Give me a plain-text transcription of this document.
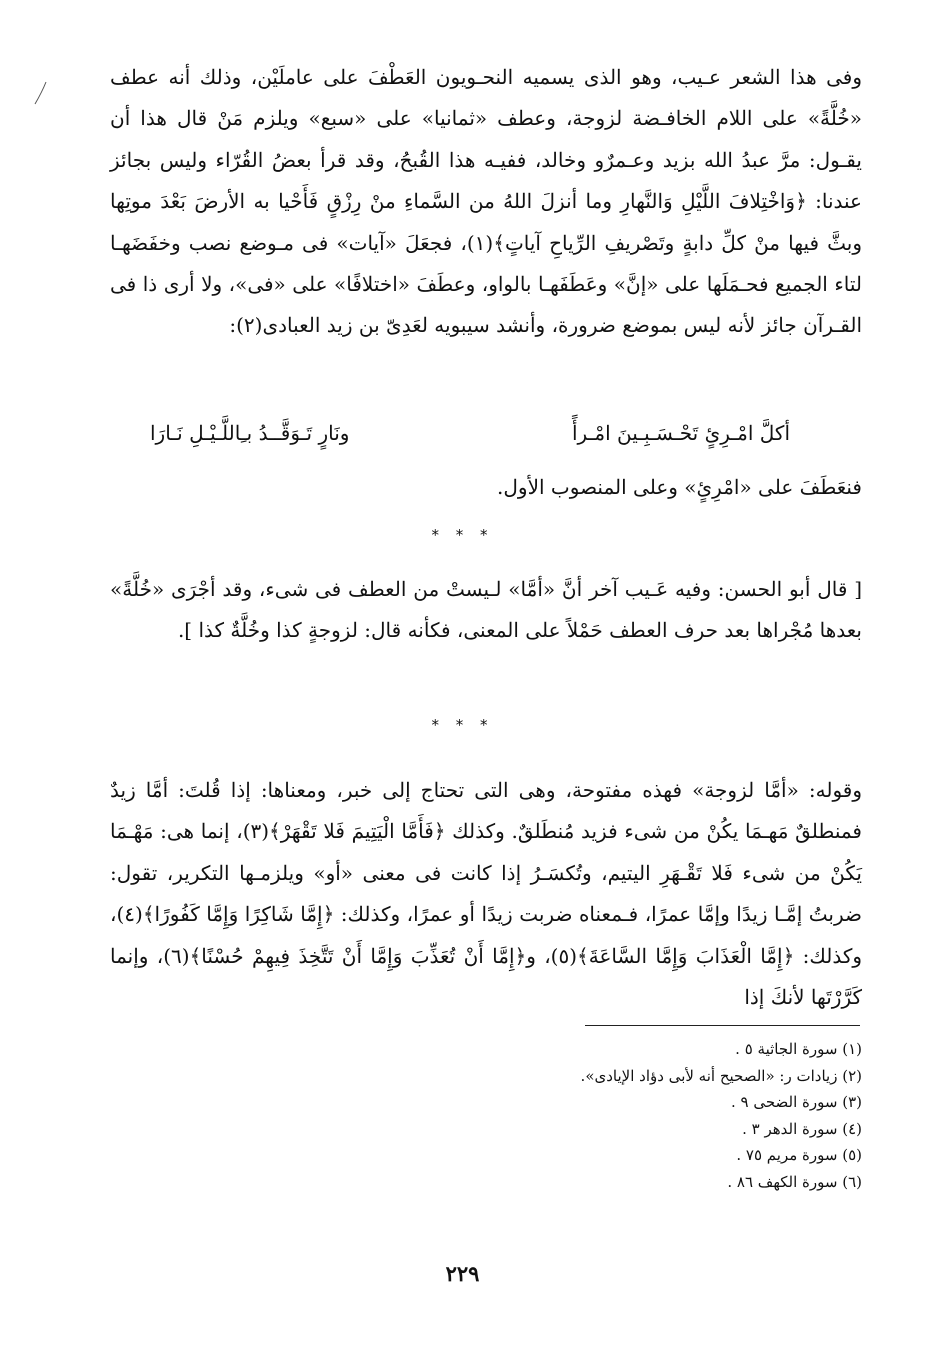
وفى هذا الشعر عـيب، وهو الذى يسميه النحـويون العَطْفَ على عاملَيْن، وذلك أنه عطف «خُلَّةً» على اللام الخافـضة لزوجة، وعطف «ثمانيا» على «سبع» ويلزم مَنْ قال هذا أن يقـول: مرَّ عبدُ الله بزيد وعـمرٌو وخالد، ففيـه هذا القُبحُ، وقد قرأ بعضُ القُرّاء وليس بجائز عندنا: ﴿وَاخْتِلافَ اللَّيْلِ وَالنَّهارِ وما أنزلَ اللهُ من السَّماءِ منْ رِزْقٍ فَأَحْيا به الأرضَ بَعْدَ موتِها وبثَّ فيها منْ كلِّ دابةٍ وتَصْريفِ الرِّياحِ آياتٍ﴾(١)، فجعَلَ «آيات» فى مـوضع نصب وخفَضَهـا لتاء الجميع فحـمَلَها على «إنَّ» وعَطَفَهـا بالواو، وعطَفَ «اختلافًا» على «فى»، ولا أرى ذا فى القـرآن جائز لأنه ليس بموضع ضرورة، وأنشد سيبويه لعَدِىّ بن زيد العبادى(٢):

أكلَّ امْـرِئٍ تَحْـسَـبِـينَ امْـرأً
ونَارٍ تَـوَقَّــدُ بـِاللَّـيْـلِ نَـارَا
فنعَطَفَ على «امْرِئٍ» وعلى المنصوب الأول.
* * *

[ قال أبو الحسن: وفيه عَـيب آخر أنَّ «أمَّا» لـيستْ من العطف فى شىء، وقد أجْرَى «خُلَّةً» بعدها مُجْراها بعد حرف العطف حَمْلاً على المعنى، فكأنه قال: لزوجةٍ كذا وخُلَّةٌ كذا ].

* * *

وقوله: «أمَّا لزوجة» فهذه مفتوحة، وهى التى تحتاج إلى خبر، ومعناها: إذا قُلتَ: أمَّا زيدٌ فمنطلقٌ مَهـمَا يكُنْ من شىء فزيد مُنطَلقٌ. وكذلك ﴿فَأَمَّا الْيَتِيمَ فَلا تَقْهَرْ﴾(٣)، إنما هى: مَهْـمَا يَكُنْ من شىء فَلا تَقْـهَرِ اليتيم، وتُكسَـرُ إذا كانت فى معنى «أو» ويلزمـها التكرير، تقول: ضربتُ إمَّـا زيدًا وإمَّا عمرًا، فـمعناه ضربت زيدًا أو عمرًا، وكذلك: ﴿إِمَّا شَاكِرًا وَإِمَّا كَفُورًا﴾(٤)، وكذلك: ﴿إِمَّا الْعَذَابَ وَإِمَّا السَّاعَةَ﴾(٥)، و﴿إِمَّا أَنْ تُعَذِّبَ وَإِمَّا أَنْ تَتَّخِذَ فِيهِمْ حُسْنًا﴾(٦)، وإنما كَرَّرْتَها لأنكَ إذا

(١) سورة الجاثية ٥ .
(٢) زيادات ر: «الصحيح أنه لأبى دؤاد الإيادى».
(٣) سورة الضحى ٩ .
(٤) سورة الدهر ٣ .
(٥) سورة مريم ٧٥ .
(٦) سورة الكهف ٨٦ .
٢٢٩
